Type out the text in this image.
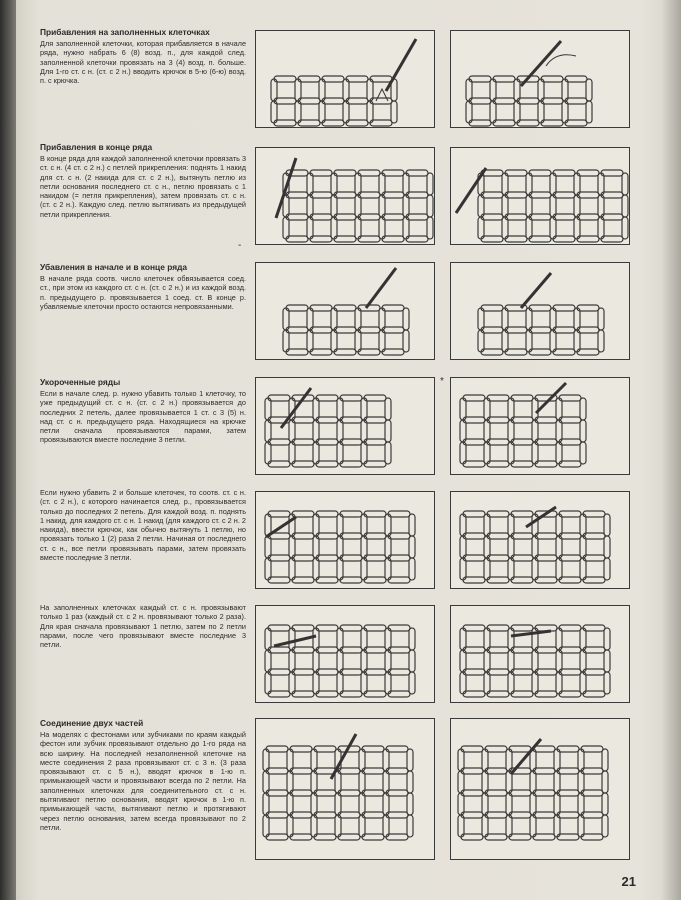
Прибавления на заполненных клеточках

Для заполненной клеточки, которая прибавляется в начале ряда, нужно набрать 6 (8) возд. п., для каждой след. заполненной клеточки провязать на 3 (4) возд. п. больше. Для 1-го ст. с н. (ст. с 2 н.) вводить крючок в 5-ю (6-ю) возд. п. с крючка.

Прибавления в конце ряда

В конце ряда для каждой заполненной клеточки провязать 3 ст. с н. (4 ст. с 2 н.) с петлей прикрепления: поднять 1 накид для ст. с н. (2 накида для ст. с 2 н.), вытянуть петлю из петли основания последнего ст. с н., петлю провязать с 1 накидом (= петля прикрепления), затем провязать ст. с н. (ст. с 2 н.). Каждую след. петлю вытягивать из предыдущей петли прикрепления.

Убавления в начале и в конце ряда

В начале ряда соотв. число клеточек обвязывается соед. ст., при этом из каждого ст. с н. (ст. с 2 н.) и из каждой возд. п. предыдущего р. провязывается 1 соед. ст. В конце р. убавляемые клеточки просто остаются непровязанными.

Укороченные ряды

Если в начале след. р. нужно убавить только 1 клеточку, то уже предыдущий ст. с н. (ст. с 2 н.) провязывается до последних 2 петель, далее провязывается 1 ст. с 3 (5) н. над ст. с н. предыдущего ряда. Находящиеся на крючке петли сначала провязываются парами, затем провязываются вместе последние 3 петли.

Если нужно убавить 2 и больше клеточек, то соотв. ст. с н. (ст. с 2 н.), с которого начинается след. р., провязывается только до последних 2 петель. Для каждой возд. п. поднять 1 накид, для каждого ст. с н. 1 накид (для каждого ст. с 2 н. 2 накида), ввести крючок, как обычно вытянуть 1 петлю, но провязать только 1 (2) раза 2 петли. Начиная от последнего ст. с н., все петли провязывать парами, затем провязать вместе последние 3 петли.

На заполненных клеточках каждый ст. с н. провязывают только 1 раз (каждый ст. с 2 н. провязывают только 2 раза). Для края сначала провязывают 1 петлю, затем по 2 петли парами, после чего провязывают вместе последние 3 петли.

Соединение двух частей

На моделях с фестонами или зубчиками по краям каждый фестон или зубчик провязывают отдельно до 1-го ряда на всю ширину. На последней незаполненной клеточке на месте соединения 2 раза провязывают ст. с 3 н. (3 раза провязывают ст. с 5 н.), вводят крючок в 1-ю п. примыкающей части и провязывают всегда по 2 петли. На заполненных клеточках для соединительного ст. с н. вытягивают петлю основания, вводят крючок в 1-ю п. примыкающей части, вытягивают петлю и протягивают через петлю основания, затем всегда провязывают по 2 петли.

-
*
21
